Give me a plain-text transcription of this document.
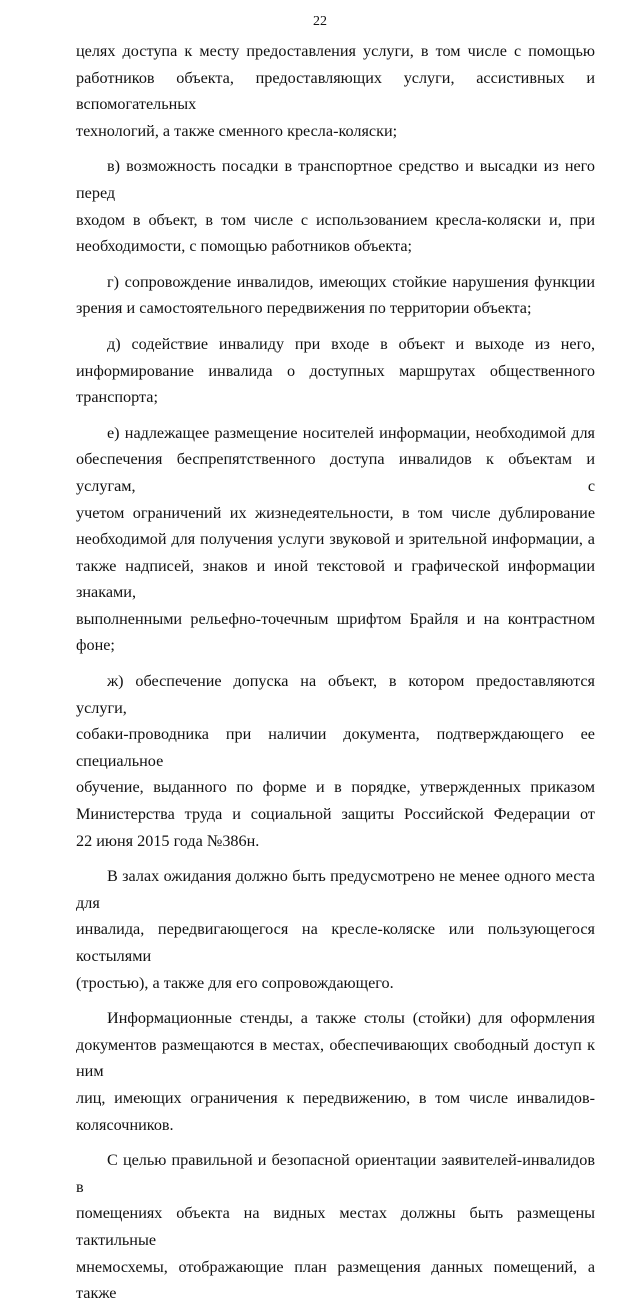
22

целях доступа к месту предоставления услуги, в том числе с помощью

работников объекта, предоставляющих услуги, ассистивных и вспомогательных

технологий, а также сменного кресла-коляски;

в) возможность посадки в транспортное средство и высадки из него перед

входом в объект, в том числе с использованием кресла-коляски и, при

необходимости, с помощью работников объекта;

г) сопровождение инвалидов, имеющих стойкие нарушения функции

зрения и самостоятельного передвижения по территории объекта;

д) содействие инвалиду при входе в объект и выходе из него,

информирование инвалида о доступных маршрутах общественного транспорта;

е) надлежащее размещение носителей информации, необходимой для

обеспечения беспрепятственного доступа инвалидов к объектам и услугам, с

учетом ограничений их жизнедеятельности, в том числе дублирование

необходимой для получения услуги звуковой и зрительной информации, а

также надписей, знаков и иной текстовой и графической информации знаками,

выполненными рельефно-точечным шрифтом Брайля и на контрастном фоне;

ж) обеспечение допуска на объект, в котором предоставляются услуги,

собаки-проводника при наличии документа, подтверждающего ее специальное

обучение, выданного по форме и в порядке, утвержденных приказом

Министерства труда и социальной защиты Российской Федерации от

22 июня 2015 года №386н.

В залах ожидания должно быть предусмотрено не менее одного места для

инвалида, передвигающегося на кресле-коляске или пользующегося костылями

(тростью), а также для его сопровождающего.

Информационные стенды, а также столы (стойки) для оформления

документов размещаются в местах, обеспечивающих свободный доступ к ним

лиц, имеющих ограничения к передвижению, в том числе инвалидов-

колясочников.

С целью правильной и безопасной ориентации заявителей-инвалидов в

помещениях объекта на видных местах должны быть размещены тактильные

мнемосхемы, отображающие план размещения данных помещений, а также
